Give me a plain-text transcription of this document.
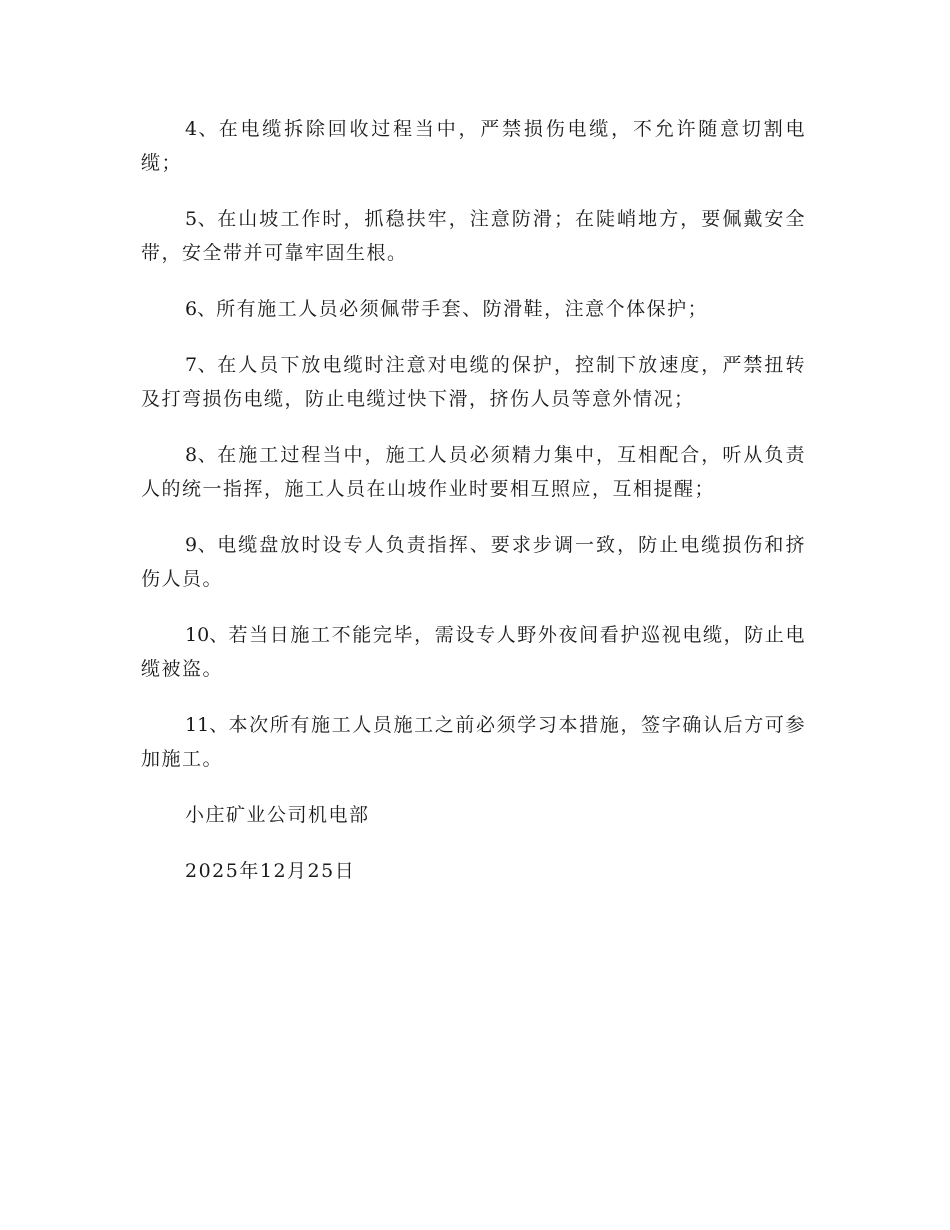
4、在电缆拆除回收过程当中，严禁损伤电缆，不允许随意切割电缆；

5、在山坡工作时，抓稳扶牢，注意防滑；在陡峭地方，要佩戴安全带，安全带并可靠牢固生根。

6、所有施工人员必须佩带手套、防滑鞋，注意个体保护；

7、在人员下放电缆时注意对电缆的保护，控制下放速度，严禁扭转及打弯损伤电缆，防止电缆过快下滑，挤伤人员等意外情况；

8、在施工过程当中，施工人员必须精力集中，互相配合，听从负责人的统一指挥，施工人员在山坡作业时要相互照应，互相提醒；

9、电缆盘放时设专人负责指挥、要求步调一致，防止电缆损伤和挤伤人员。

10、若当日施工不能完毕，需设专人野外夜间看护巡视电缆，防止电缆被盗。

11、本次所有施工人员施工之前必须学习本措施，签字确认后方可参加施工。

小庄矿业公司机电部

2025年12月25日
